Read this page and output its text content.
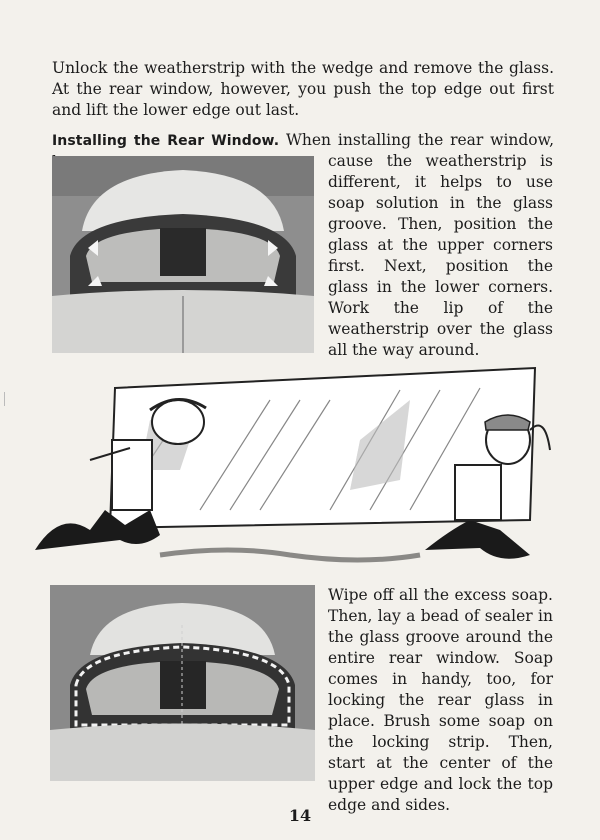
Unlock the weatherstrip with the wedge and remove the glass. At the rear window, however, you push the top edge out first and lift the lower edge out last.

Installing the Rear Window. When installing the rear window,

cause the weatherstrip is different, it helps to use soap solution in the glass groove. Then, position the glass at the upper corners first. Next, position the glass in the lower corners. Work the lip of the weatherstrip over the glass all the way around.

Wipe off all the excess soap. Then, lay a bead of sealer in the glass groove around the entire rear window. Soap comes in handy, too, for locking the rear glass in place. Brush some soap on the locking strip. Then, start at the center of the upper edge and lock the top edge and sides.

14
